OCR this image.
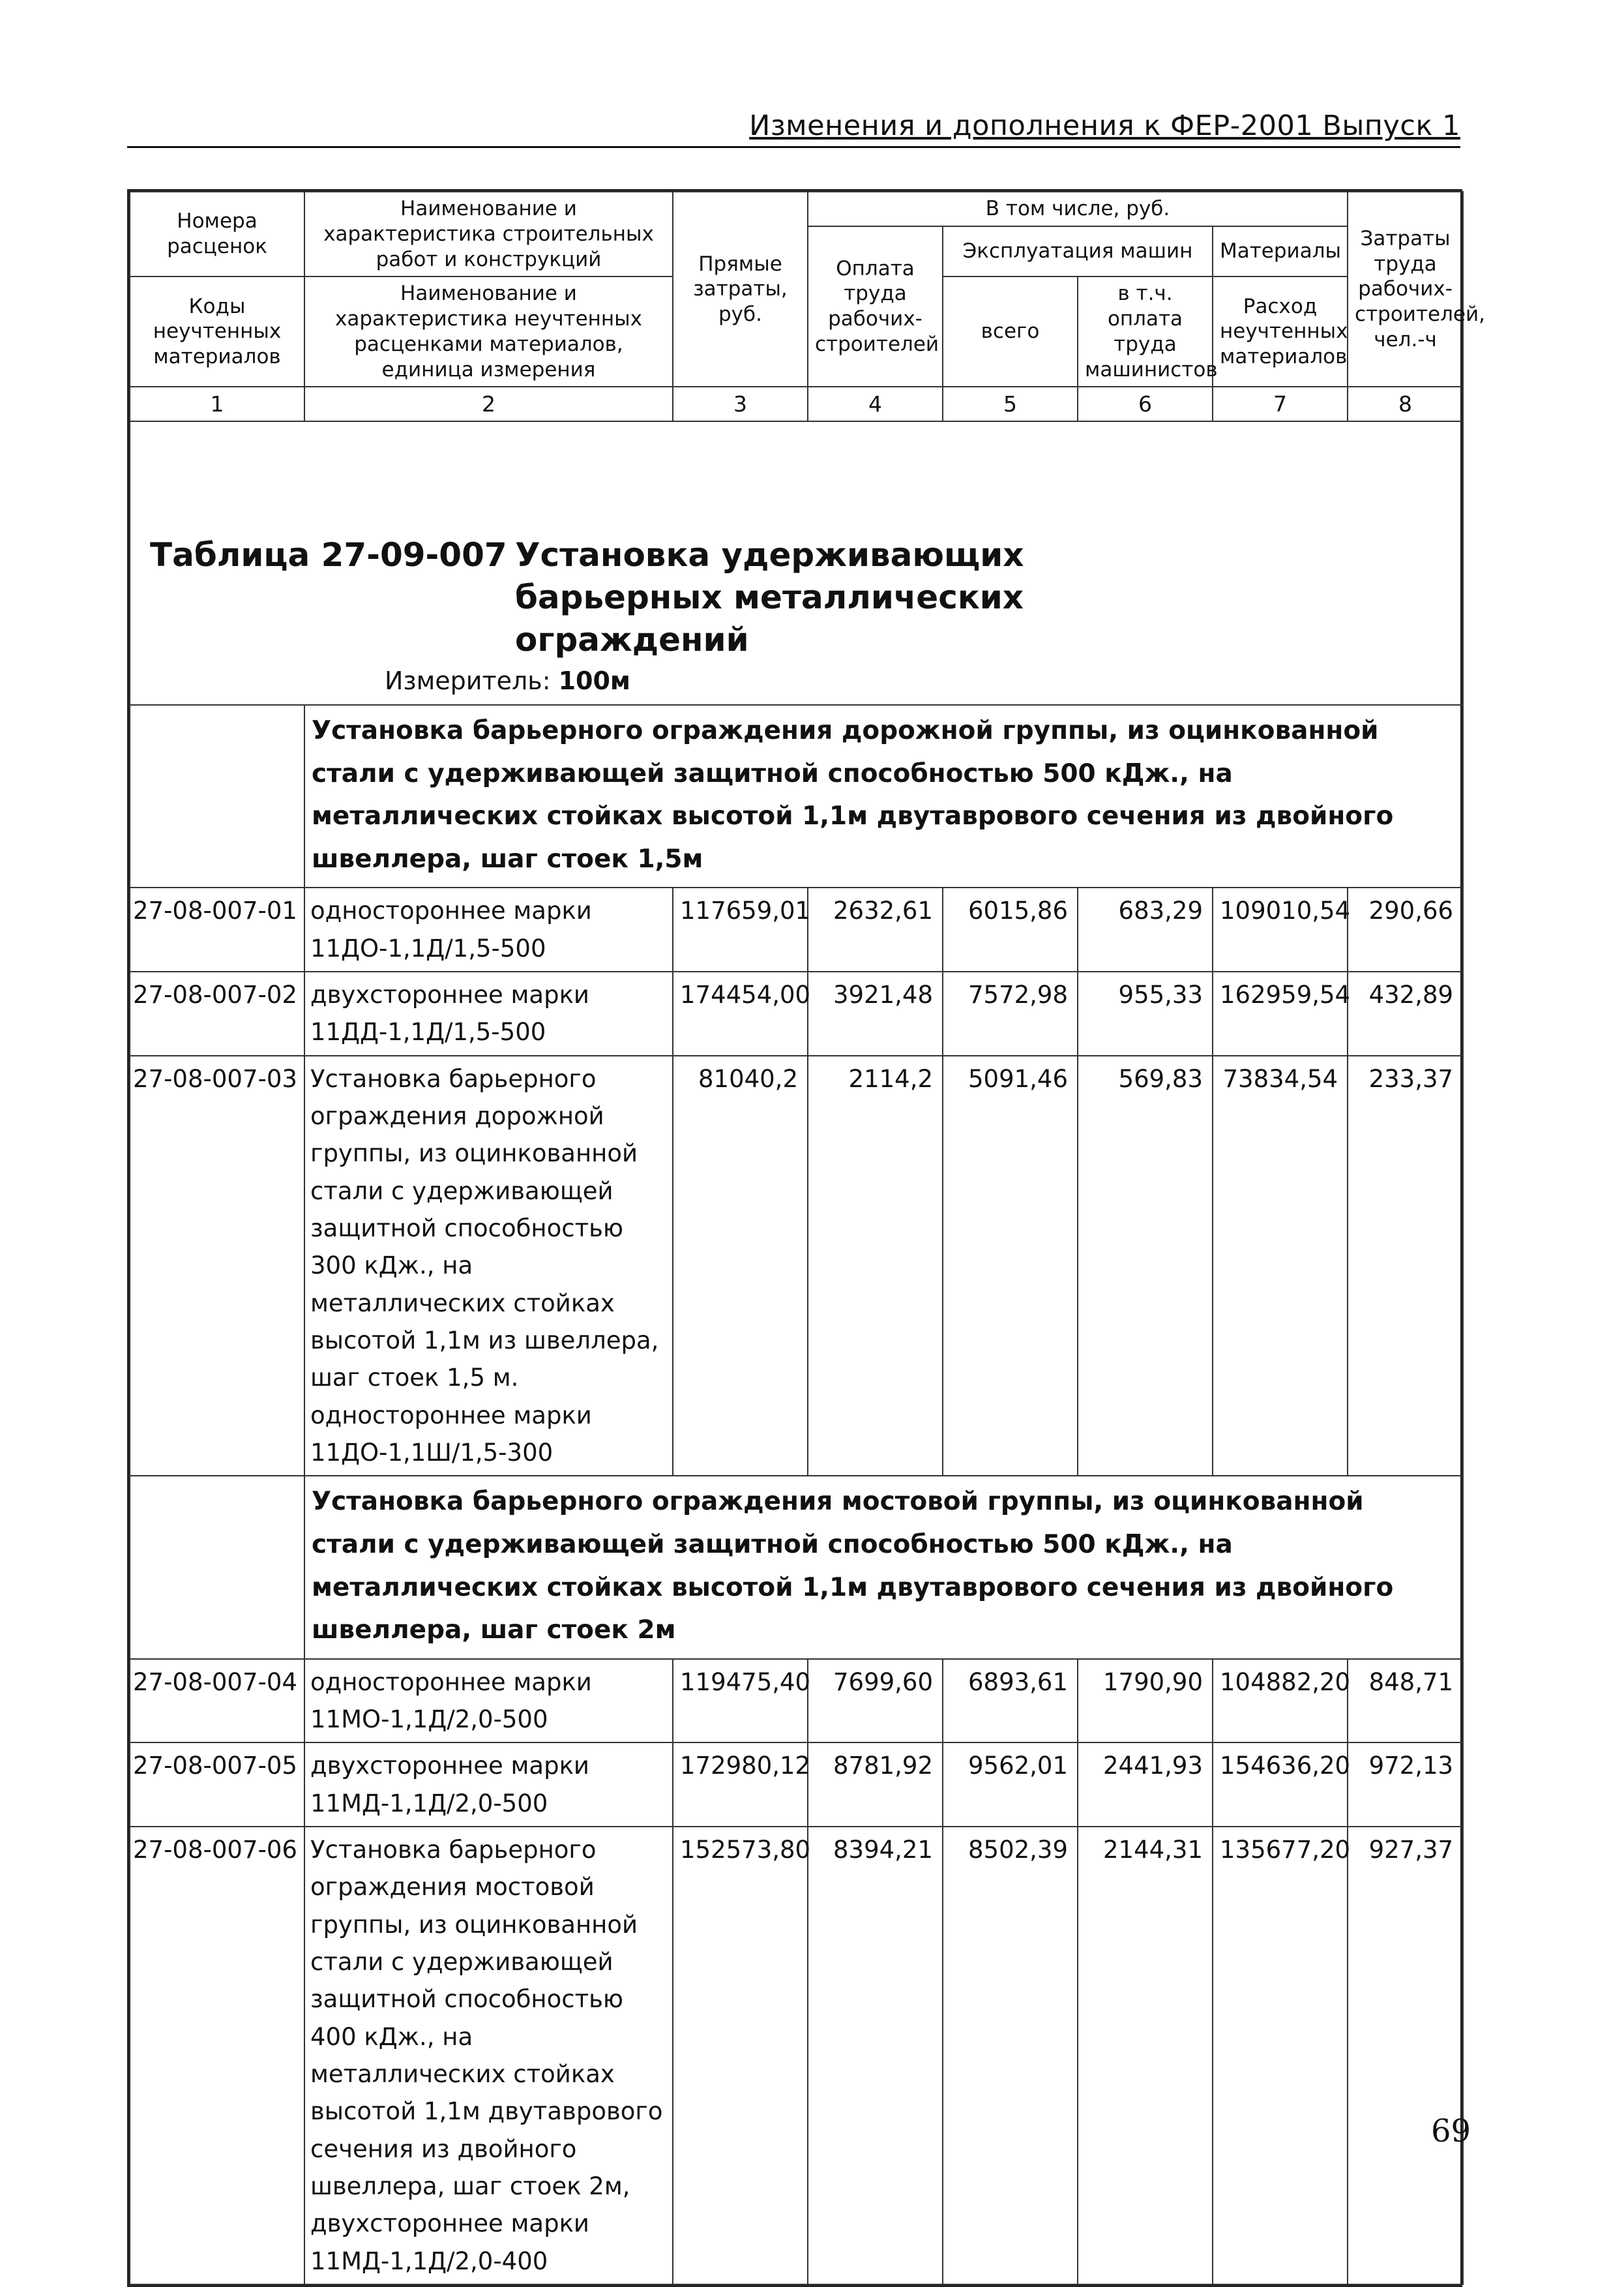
Изменения и дополнения к ФЕР-2001 Выпуск 1
Номера расценок	Наименование и характеристика строительных работ и конструкций	Прямые затраты, руб.	В том числе, руб.				Затраты труда рабочих-строителей, чел.-ч
			Оплата труда рабочих-строителей	Эксплуатация машин		Материалы	
Коды неучтенных материалов	Наименование и характеристика неучтенных расценками материалов, единица измерения			всего	в т.ч. оплата труда машинистов	Расход неучтенных материалов	

1	2	3	4	5	6	7	8

Таблица 27-09-007 Установка удерживающих барьерных металлических ограждений
Измеритель: 100м							

	Установка барьерного ограждения дорожной группы, из оцинкованной стали с удерживающей защитной способностью 500 кДж., на металлических стойках высотой 1,1м двутаврового сечения из двойного швеллера, шаг стоек 1,5м						
27-08-007-01	одностороннее марки 11ДО-1,1Д/1,5-500	117659,01	2632,61	6015,86	683,29	109010,54	290,66
27-08-007-02	двухстороннее марки 11ДД-1,1Д/1,5-500	174454,00	3921,48	7572,98	955,33	162959,54	432,89
27-08-007-03	Установка барьерного ограждения дорожной группы, из оцинкованной стали с удерживающей защитной способностью 300 кДж., на металлических стойках высотой 1,1м из швеллера, шаг стоек 1,5 м. одностороннее марки 11ДО-1,1Ш/1,5-300	81040,2	2114,2	5091,46	569,83	73834,54	233,37
	Установка барьерного ограждения мостовой группы, из оцинкованной стали с удерживающей защитной способностью 500 кДж., на металлических стойках высотой 1,1м двутаврового сечения из двойного швеллера, шаг стоек 2м						
27-08-007-04	одностороннее марки 11МО-1,1Д/2,0-500	119475,40	7699,60	6893,61	1790,90	104882,20	848,71
27-08-007-05	двухстороннее марки 11МД-1,1Д/2,0-500	172980,12	8781,92	9562,01	2441,93	154636,20	972,13
27-08-007-06	Установка барьерного ограждения мостовой группы, из оцинкованной стали с удерживающей защитной способностью 400 кДж., на металлических стойках высотой 1,1м двутаврового сечения из двойного швеллера, шаг стоек 2м, двухстороннее марки 11МД-1,1Д/2,0-400	152573,80	8394,21	8502,39	2144,31	135677,20	927,37
69
